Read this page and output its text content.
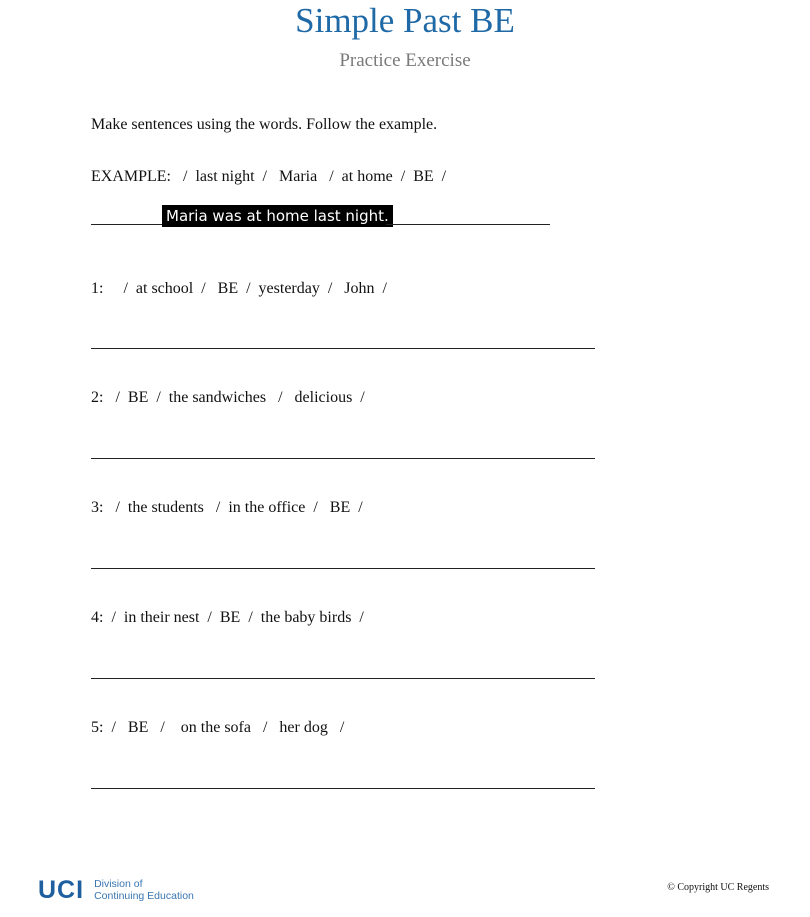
Simple Past BE
Practice Exercise
Make sentences using the words. Follow the example.
EXAMPLE:   /  last night  /   Maria   /  at home  /  BE  /
Maria was at home last night.
1:     /  at school  /   BE  /  yesterday  /   John  /
2:   /  BE  /  the sandwiches   /   delicious  /
3:   /  the students   /  in the office  /   BE  /
4:  /  in their nest  /  BE  /  the baby birds  /
5:  /   BE   /    on the sofa   /   her dog   /
UCI Division of
Continuing Education
© Copyright UC Regents
